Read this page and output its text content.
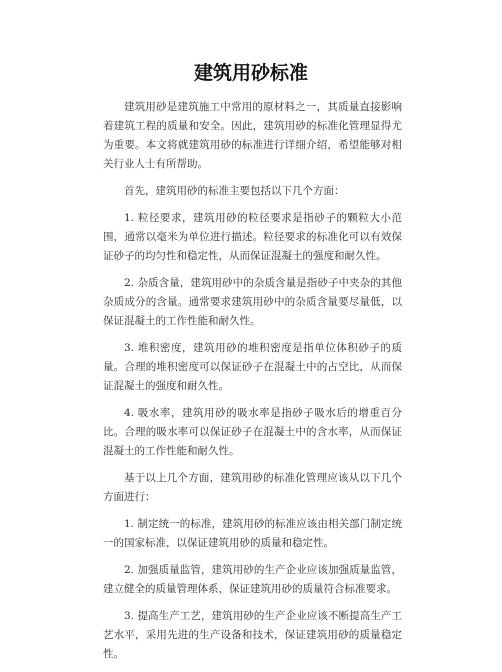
建筑用砂标准

建筑用砂是建筑施工中常用的原材料之一，其质量直接影响着建筑工程的质量和安全。因此，建筑用砂的标准化管理显得尤为重要。本文将就建筑用砂的标准进行详细介绍，希望能够对相关行业人士有所帮助。

首先，建筑用砂的标准主要包括以下几个方面：

1. 粒径要求，建筑用砂的粒径要求是指砂子的颗粒大小范围，通常以毫米为单位进行描述。粒径要求的标准化可以有效保证砂子的均匀性和稳定性，从而保证混凝土的强度和耐久性。

2. 杂质含量，建筑用砂中的杂质含量是指砂子中夹杂的其他杂质成分的含量。通常要求建筑用砂中的杂质含量要尽量低，以保证混凝土的工作性能和耐久性。

3. 堆积密度，建筑用砂的堆积密度是指单位体积砂子的质量。合理的堆积密度可以保证砂子在混凝土中的占空比，从而保证混凝土的强度和耐久性。

4. 吸水率，建筑用砂的吸水率是指砂子吸水后的增重百分比。合理的吸水率可以保证砂子在混凝土中的含水率，从而保证混凝土的工作性能和耐久性。

基于以上几个方面，建筑用砂的标准化管理应该从以下几个方面进行：

1. 制定统一的标准，建筑用砂的标准应该由相关部门制定统一的国家标准，以保证建筑用砂的质量和稳定性。

2. 加强质量监管，建筑用砂的生产企业应该加强质量监管，建立健全的质量管理体系，保证建筑用砂的质量符合标准要求。

3. 提高生产工艺，建筑用砂的生产企业应该不断提高生产工艺水平，采用先进的生产设备和技术，保证建筑用砂的质量稳定性。
